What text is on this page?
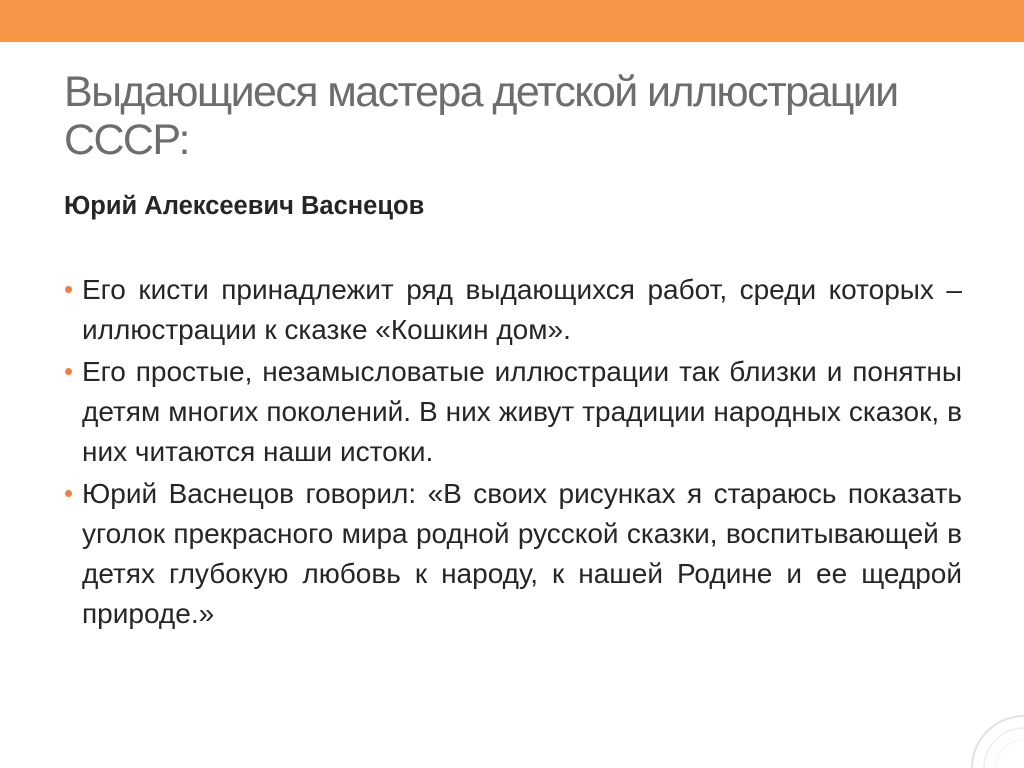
Выдающиеся мастера детской иллюстрации СССР:
Юрий Алексеевич Васнецов
• Его кисти принадлежит ряд выдающихся работ, среди которых – иллюстрации к сказке «Кошкин дом».
• Его простые, незамысловатые иллюстрации так близки и понятны детям многих поколений. В них живут традиции народных сказок, в них читаются наши истоки.
• Юрий Васнецов говорил: «В своих рисунках я стараюсь показать уголок прекрасного мира родной русской сказки, воспитывающей в детях глубокую любовь к народу, к нашей Родине и ее щедрой природе.»
